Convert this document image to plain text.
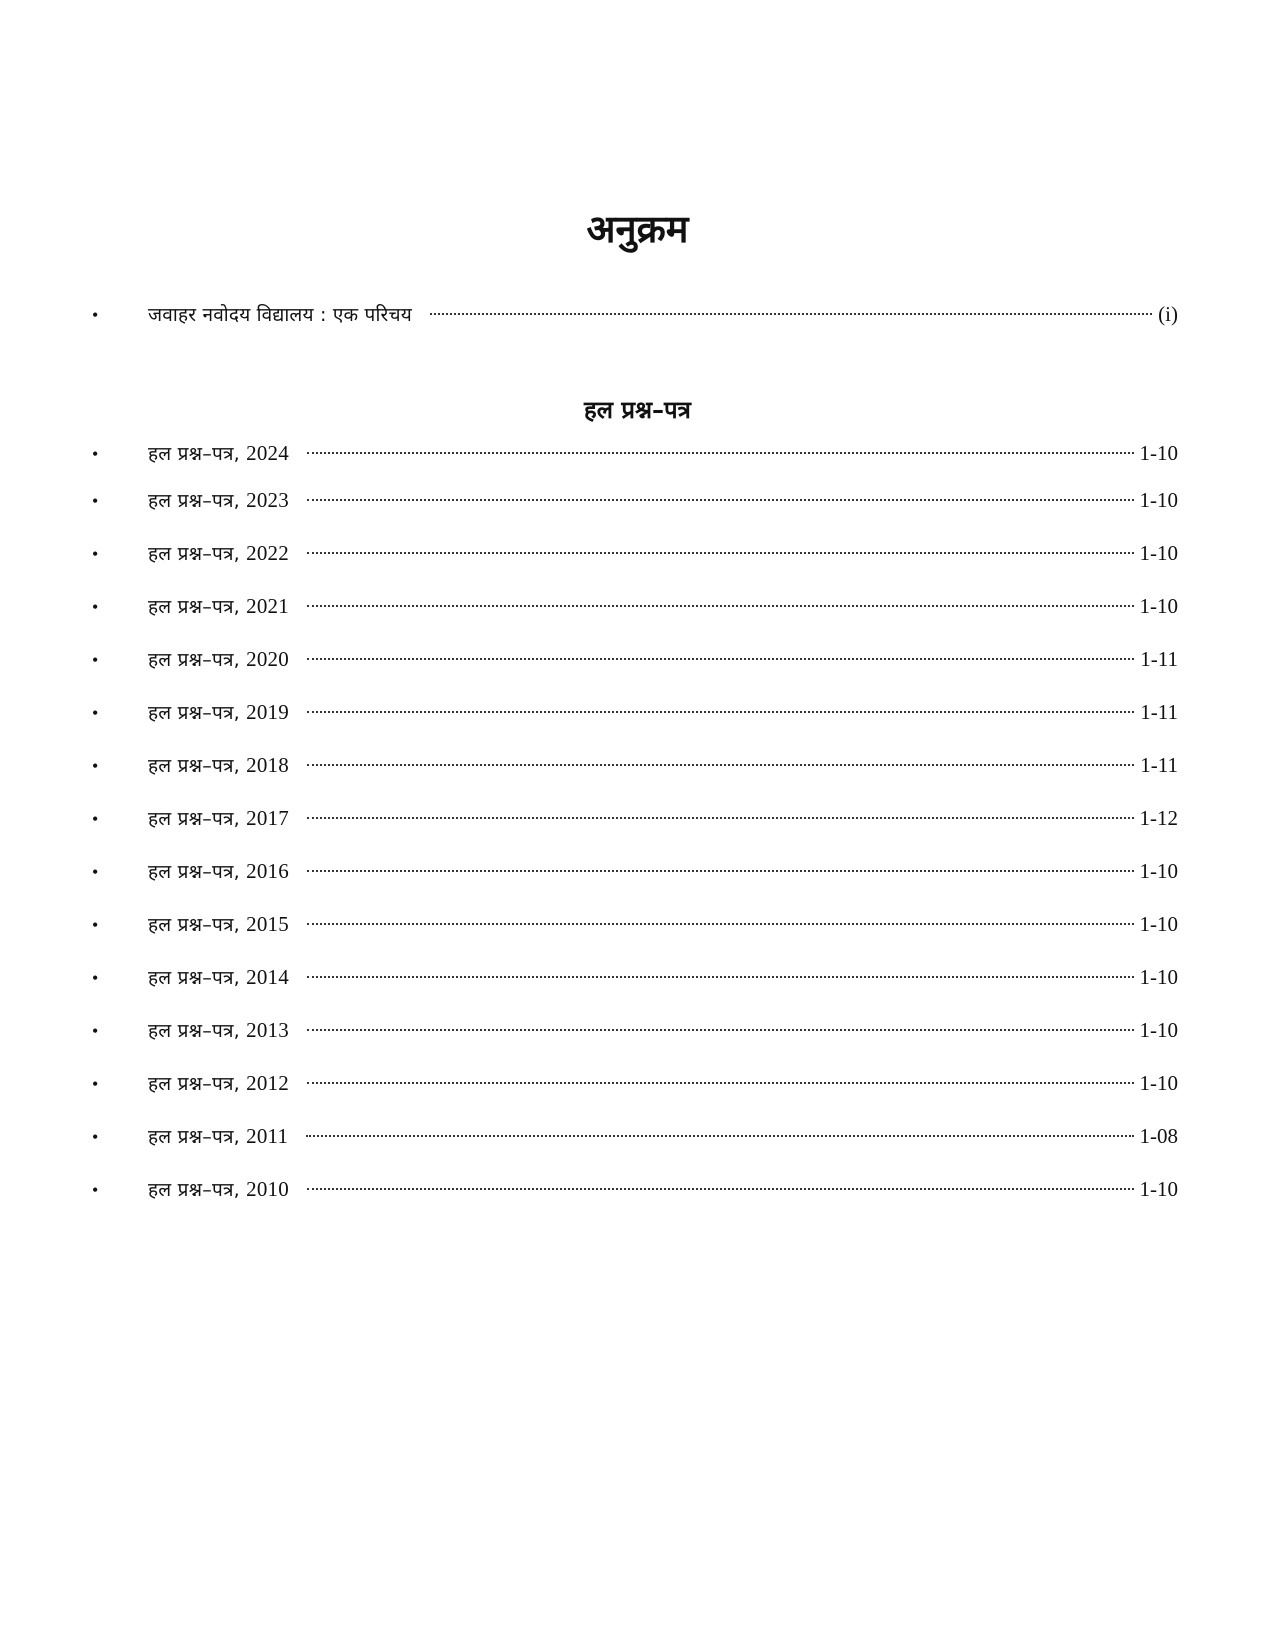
अनुक्रम
•	जवाहर नवोदय विद्यालय : एक परिचय	(i)
हल प्रश्न–पत्र
•	हल प्रश्न–पत्र, 2024	1-10
•	हल प्रश्न–पत्र, 2023	1-10
•	हल प्रश्न–पत्र, 2022	1-10
•	हल प्रश्न–पत्र, 2021	1-10
•	हल प्रश्न–पत्र, 2020	1-11
•	हल प्रश्न–पत्र, 2019	1-11
•	हल प्रश्न–पत्र, 2018	1-11
•	हल प्रश्न–पत्र, 2017	1-12
•	हल प्रश्न–पत्र, 2016	1-10
•	हल प्रश्न–पत्र, 2015	1-10
•	हल प्रश्न–पत्र, 2014	1-10
•	हल प्रश्न–पत्र, 2013	1-10
•	हल प्रश्न–पत्र, 2012	1-10
•	हल प्रश्न–पत्र, 2011	1-08
•	हल प्रश्न–पत्र, 2010	1-10
